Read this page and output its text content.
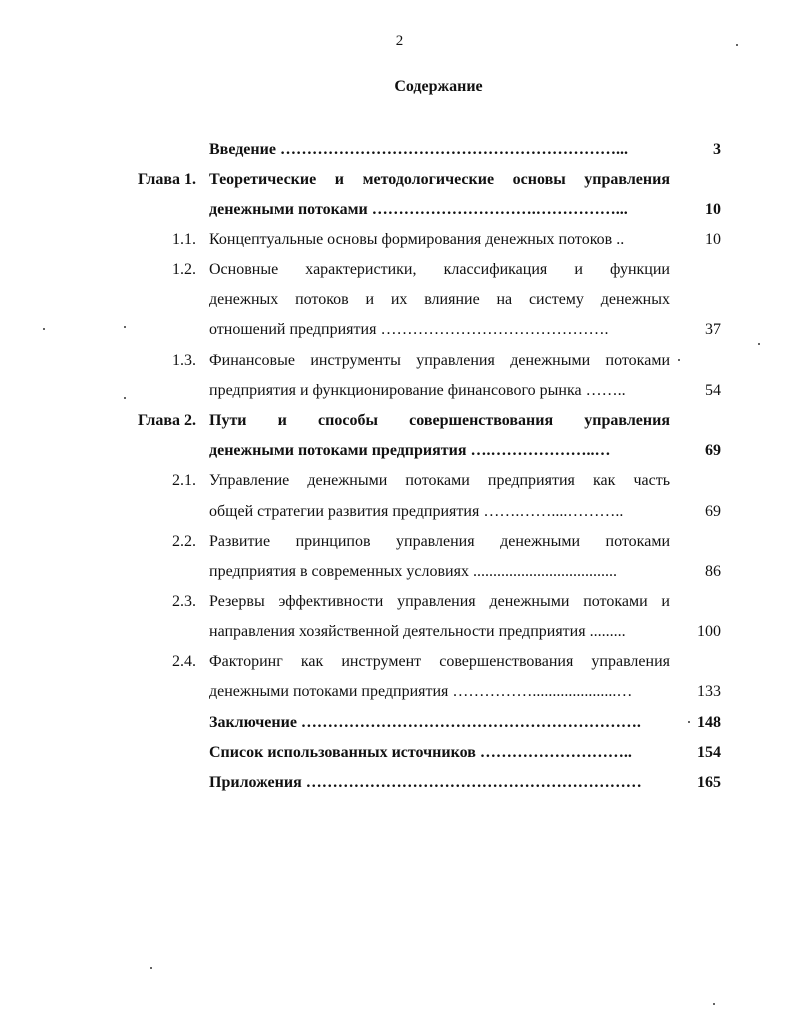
2
Содержание
Введение ………………………………………………………...	3
Глава 1. Теоретические и методологические основы управления
денежными потоками ………………………….……………...	10
1.1. Концептуальные основы формирования денежных потоков ..	10
1.2. Основные характеристики, классификация и функции
денежных потоков и их влияние на систему денежных
отношений предприятия …………………………………….	37
1.3. Финансовые инструменты управления денежными потоками
предприятия и функционирование финансового рынка ……..	54
Глава 2. Пути и способы совершенствования управления
денежными потоками предприятия ….………………..…	69
2.1. Управление денежными потоками предприятия как часть
общей стратегии развития предприятия …….……....………..	69
2.2. Развитие принципов управления денежными потоками
предприятия в современных условиях ....................................	86
2.3. Резервы эффективности управления денежными потоками и
направления хозяйственной деятельности предприятия .........	100
2.4. Факторинг как инструмент совершенствования управления
денежными потоками предприятия …………….....................…	133
Заключение ……………………………………………………….	148
Список использованных источников ………………………..	154
Приложения ………………………………………………………	165
